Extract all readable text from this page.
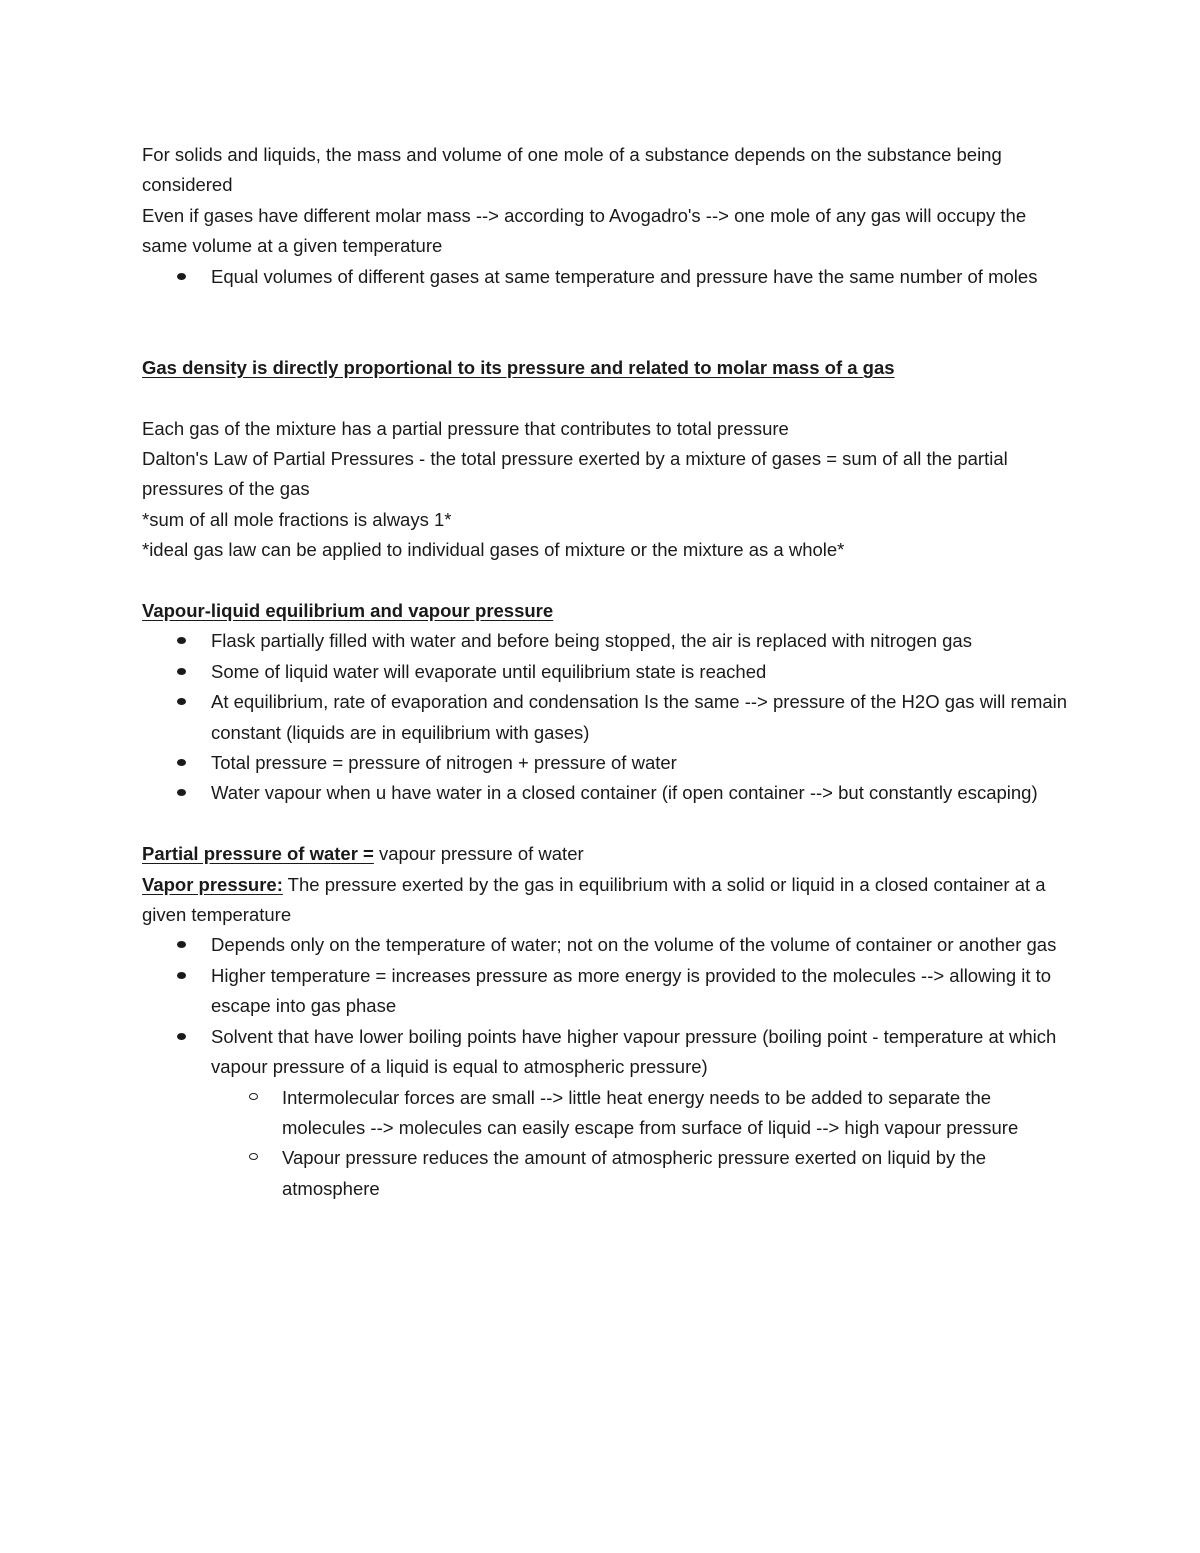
For solids and liquids, the mass and volume of one mole of a substance depends on the substance being considered

Even if gases have different molar mass --> according to Avogadro's --> one mole of any gas will occupy the same volume at a given temperature

Equal volumes of different gases at same temperature and pressure have the same number of moles

Gas density is directly proportional to its pressure and related to molar mass of a gas

Each gas of the mixture has a partial pressure that contributes to total pressure

Dalton's Law of Partial Pressures - the total pressure exerted by a mixture of gases = sum of all the partial pressures of the gas

*sum of all mole fractions is always 1*

*ideal gas law can be applied to individual gases of mixture or the mixture as a whole*

Vapour-liquid equilibrium and vapour pressure

Flask partially filled with water and before being stopped, the air is replaced with nitrogen gas
Some of liquid water will evaporate until equilibrium state is reached
At equilibrium, rate of evaporation and condensation Is the same --> pressure of the H2O gas will remain constant (liquids are in equilibrium with gases)
Total pressure = pressure of nitrogen + pressure of water
Water vapour when u have water in a closed container (if open container --> but constantly escaping)

Partial pressure of water = vapour pressure of water

Vapor pressure: The pressure exerted by the gas in equilibrium with a solid or liquid in a closed container at a given temperature

Depends only on the temperature of water; not on the volume of the volume of container or another gas
Higher temperature = increases pressure as more energy is provided to the molecules --> allowing it to escape into gas phase
Solvent that have lower boiling points have higher vapour pressure (boiling point - temperature at which vapour pressure of a liquid is equal to atmospheric pressure)
Intermolecular forces are small --> little heat energy needs to be added to separate the molecules --> molecules can easily escape from surface of liquid --> high vapour pressure
Vapour pressure reduces the amount of atmospheric pressure exerted on liquid by the atmosphere
